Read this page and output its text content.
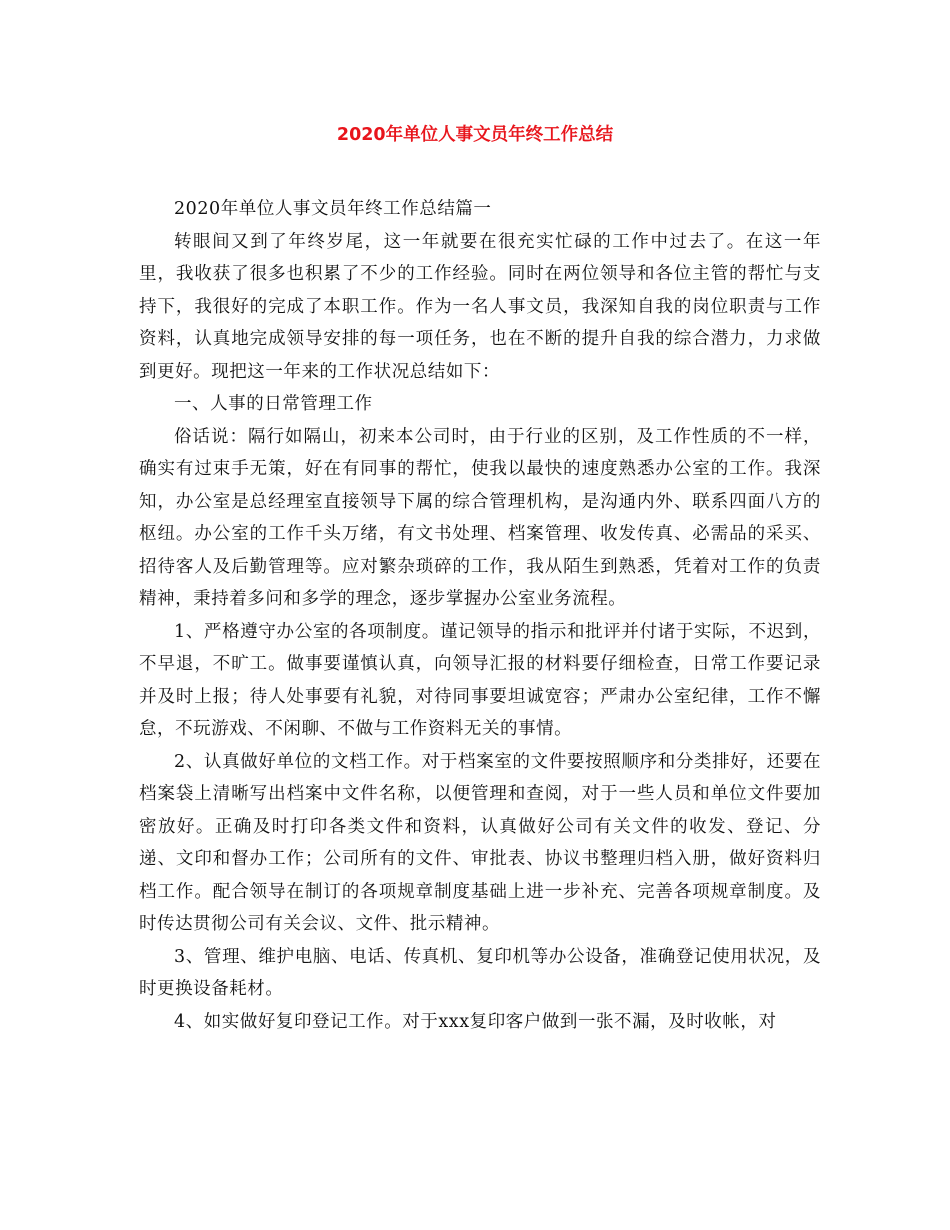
2020年单位人事文员年终工作总结

2020年单位人事文员年终工作总结篇一

转眼间又到了年终岁尾，这一年就要在很充实忙碌的工作中过去了。在这一年里，我收获了很多也积累了不少的工作经验。同时在两位领导和各位主管的帮忙与支持下，我很好的完成了本职工作。作为一名人事文员，我深知自我的岗位职责与工作资料，认真地完成领导安排的每一项任务，也在不断的提升自我的综合潜力，力求做到更好。现把这一年来的工作状况总结如下：

一、人事的日常管理工作

俗话说：隔行如隔山，初来本公司时，由于行业的区别，及工作性质的不一样，确实有过束手无策，好在有同事的帮忙，使我以最快的速度熟悉办公室的工作。我深知，办公室是总经理室直接领导下属的综合管理机构，是沟通内外、联系四面八方的枢纽。办公室的工作千头万绪，有文书处理、档案管理、收发传真、必需品的采买、招待客人及后勤管理等。应对繁杂琐碎的工作，我从陌生到熟悉，凭着对工作的负责精神，秉持着多问和多学的理念，逐步掌握办公室业务流程。

1、严格遵守办公室的各项制度。谨记领导的指示和批评并付诸于实际，不迟到，不早退，不旷工。做事要谨慎认真，向领导汇报的材料要仔细检查，日常工作要记录并及时上报；待人处事要有礼貌，对待同事要坦诚宽容；严肃办公室纪律，工作不懈怠，不玩游戏、不闲聊、不做与工作资料无关的事情。

2、认真做好单位的文档工作。对于档案室的文件要按照顺序和分类排好，还要在档案袋上清晰写出档案中文件名称，以便管理和查阅，对于一些人员和单位文件要加密放好。正确及时打印各类文件和资料，认真做好公司有关文件的收发、登记、分递、文印和督办工作；公司所有的文件、审批表、协议书整理归档入册，做好资料归档工作。配合领导在制订的各项规章制度基础上进一步补充、完善各项规章制度。及时传达贯彻公司有关会议、文件、批示精神。

3、管理、维护电脑、电话、传真机、复印机等办公设备，准确登记使用状况，及时更换设备耗材。

4、如实做好复印登记工作。对于xxx复印客户做到一张不漏，及时收帐，对
